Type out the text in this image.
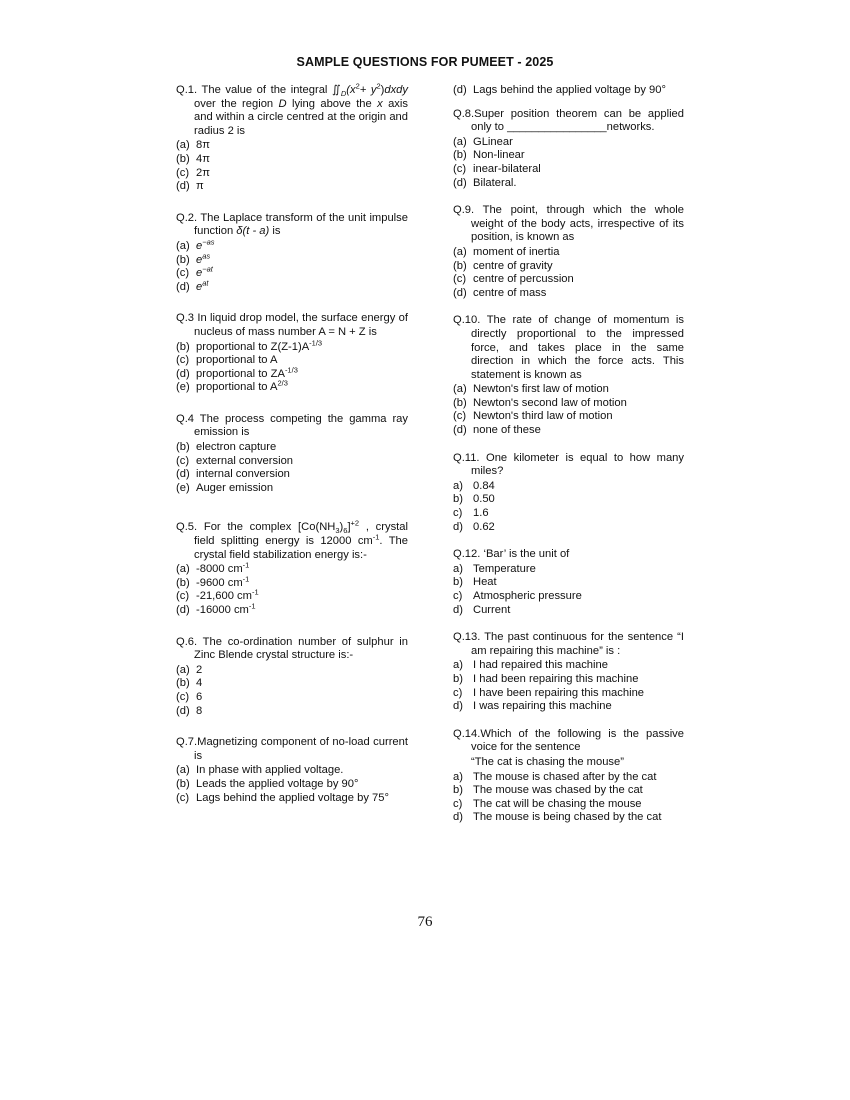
SAMPLE QUESTIONS FOR PUMEET - 2025
Q.1. The value of the integral $∬_D(x^2+$ $y^2)dxdy$ over the region D lying above the x axis and within a circle centred at the origin and radius 2 is
(a) 8π
(b) 4π
(c) 2π
(d) π
Q.2. The Laplace transform of the unit impulse function δ(t - a) is
(a) $e^{-as}$
(b) $e^{as}$
(c) $e^{-at}$
(d) $e^{at}$
Q.3 In liquid drop model, the surface energy of nucleus of mass number A = N + Z is
(b) proportional to $Z(Z-1)A^{-1/3}$
(c) proportional to A
(d) proportional to $ZA^{-1/3}$
(e) proportional to $A^{2/3}$
Q.4 The process competing the gamma ray emission is
(b) electron capture
(c) external conversion
(d) internal conversion
(e) Auger emission
Q.5. For the complex $[Co(NH_3)_6]^{+2}$ , crystal field splitting energy is 12000 $cm^{-1}$. The crystal field stabilization energy is:-
(a) -8000 $cm^{-1}$
(b) -9600 $cm^{-1}$
(c) -21,600 $cm^{-1}$
(d) -16000 $cm^{-1}$
Q.6. The co-ordination number of sulphur in Zinc Blende crystal structure is:-
(a) 2
(b) 4
(c) 6
(d) 8
Q.7.Magnetizing component of no-load current is
(a) In phase with applied voltage.
(b) Leads the applied voltage by 90°
(c) Lags behind the applied voltage by 75°
(d) Lags behind the applied voltage by 90°
Q.8.Super position theorem can be applied only to ________________networks.
(a) GLinear
(b) Non-linear
(c) inear-bilateral
(d) Bilateral.
Q.9. The point, through which the whole weight of the body acts, irrespective of its position, is known as
(a) moment of inertia
(b) centre of gravity
(c) centre of percussion
(d) centre of mass
Q.10. The rate of change of momentum is directly proportional to the impressed force, and takes place in the same direction in which the force acts. This statement is known as
(a) Newton's first law of motion
(b) Newton's second law of motion
(c) Newton's third law of motion
(d) none of these
Q.11. One kilometer is equal to how many miles?
a) 0.84
b) 0.50
c) 1.6
d) 0.62
Q.12. ‘Bar’ is the unit of
a) Temperature
b) Heat
c) Atmospheric pressure
d) Current
Q.13. The past continuous for the sentence “I am repairing this machine” is :
a) I had repaired this machine
b) I had been repairing this machine
c) I have been repairing this machine
d) I was repairing this machine
Q.14.Which of the following is the passive voice for the sentence
“The cat is chasing the mouse”
a) The mouse is chased after by the cat
b) The mouse was chased by the cat
c) The cat will be chasing the mouse
d) The mouse is being chased by the cat
76
